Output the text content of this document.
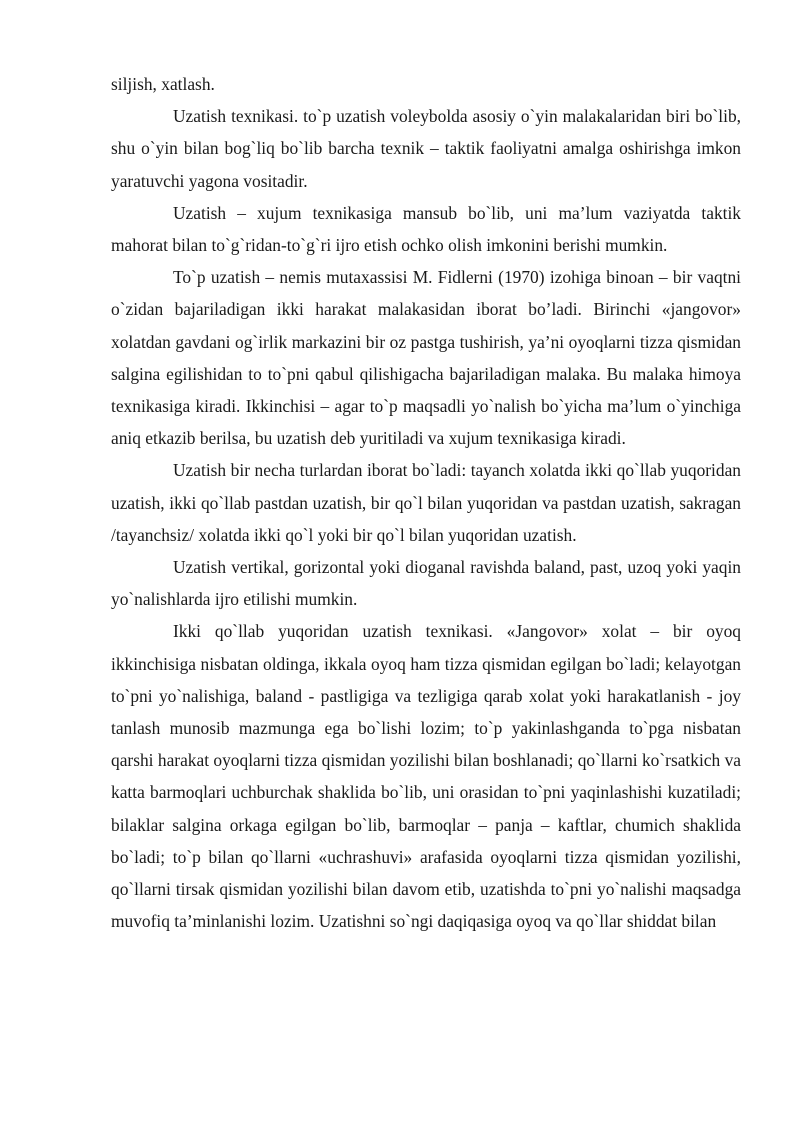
siljish, xatlash.

Uzatish texnikasi. to`p uzatish voleybolda asosiy o`yin malakalaridan biri bo`lib, shu o`yin bilan bog`liq bo`lib barcha texnik – taktik faoliyatni amalga oshirishga imkon yaratuvchi yagona vositadir.

Uzatish – xujum texnikasiga mansub bo`lib, uni ma’lum vaziyatda taktik mahorat bilan to`g`ridan-to`g`ri ijro etish ochko olish imkonini berishi mumkin.

To`p uzatish – nemis mutaxassisi M. Fidlerni (1970) izohiga binoan – bir vaqtni o`zidan bajariladigan ikki harakat malakasidan iborat bo’ladi. Birinchi «jangovor» xolatdan gavdani og`irlik markazini bir oz pastga tushirish, ya’ni oyoqlarni tizza qismidan salgina egilishidan to to`pni qabul qilishigacha bajariladigan malaka. Bu malaka himoya texnikasiga kiradi. Ikkinchisi – agar to`p maqsadli yo`nalish bo`yicha ma’lum o`yinchiga aniq etkazib berilsa, bu uzatish deb yuritiladi va xujum texnikasiga kiradi.

Uzatish bir necha turlardan iborat bo`ladi: tayanch xolatda ikki qo`llab yuqoridan uzatish, ikki qo`llab pastdan uzatish, bir qo`l bilan yuqoridan va pastdan uzatish, sakragan /tayanchsiz/ xolatda ikki qo`l yoki bir qo`l bilan yuqoridan uzatish.

Uzatish vertikal, gorizontal yoki dioganal ravishda baland, past, uzoq yoki yaqin yo`nalishlarda ijro etilishi mumkin.

Ikki qo`llab yuqoridan uzatish texnikasi. «Jangovor» xolat – bir oyoq ikkinchisiga nisbatan oldinga, ikkala oyoq ham tizza qismidan egilgan bo`ladi; kelayotgan to`pni yo`nalishiga, baland - pastligiga va tezligiga qarab xolat yoki harakatlanish - joy tanlash munosib mazmunga ega bo`lishi lozim; to`p yakinlashganda to`pga nisbatan qarshi harakat oyoqlarni tizza qismidan yozilishi bilan boshlanadi; qo`llarni ko`rsatkich va katta barmoqlari uchburchak shaklida bo`lib, uni orasidan to`pni yaqinlashishi kuzatiladi; bilaklar salgina orkaga egilgan bo`lib, barmoqlar – panja – kaftlar, chumich shaklida bo`ladi; to`p bilan qo`llarni «uchrashuvi» arafasida oyoqlarni tizza qismidan yozilishi, qo`llarni tirsak qismidan yozilishi bilan davom etib, uzatishda to`pni yo`nalishi maqsadga muvofiq ta’minlanishi lozim. Uzatishni so`ngi daqiqasiga oyoq va qo`llar shiddat bilan
